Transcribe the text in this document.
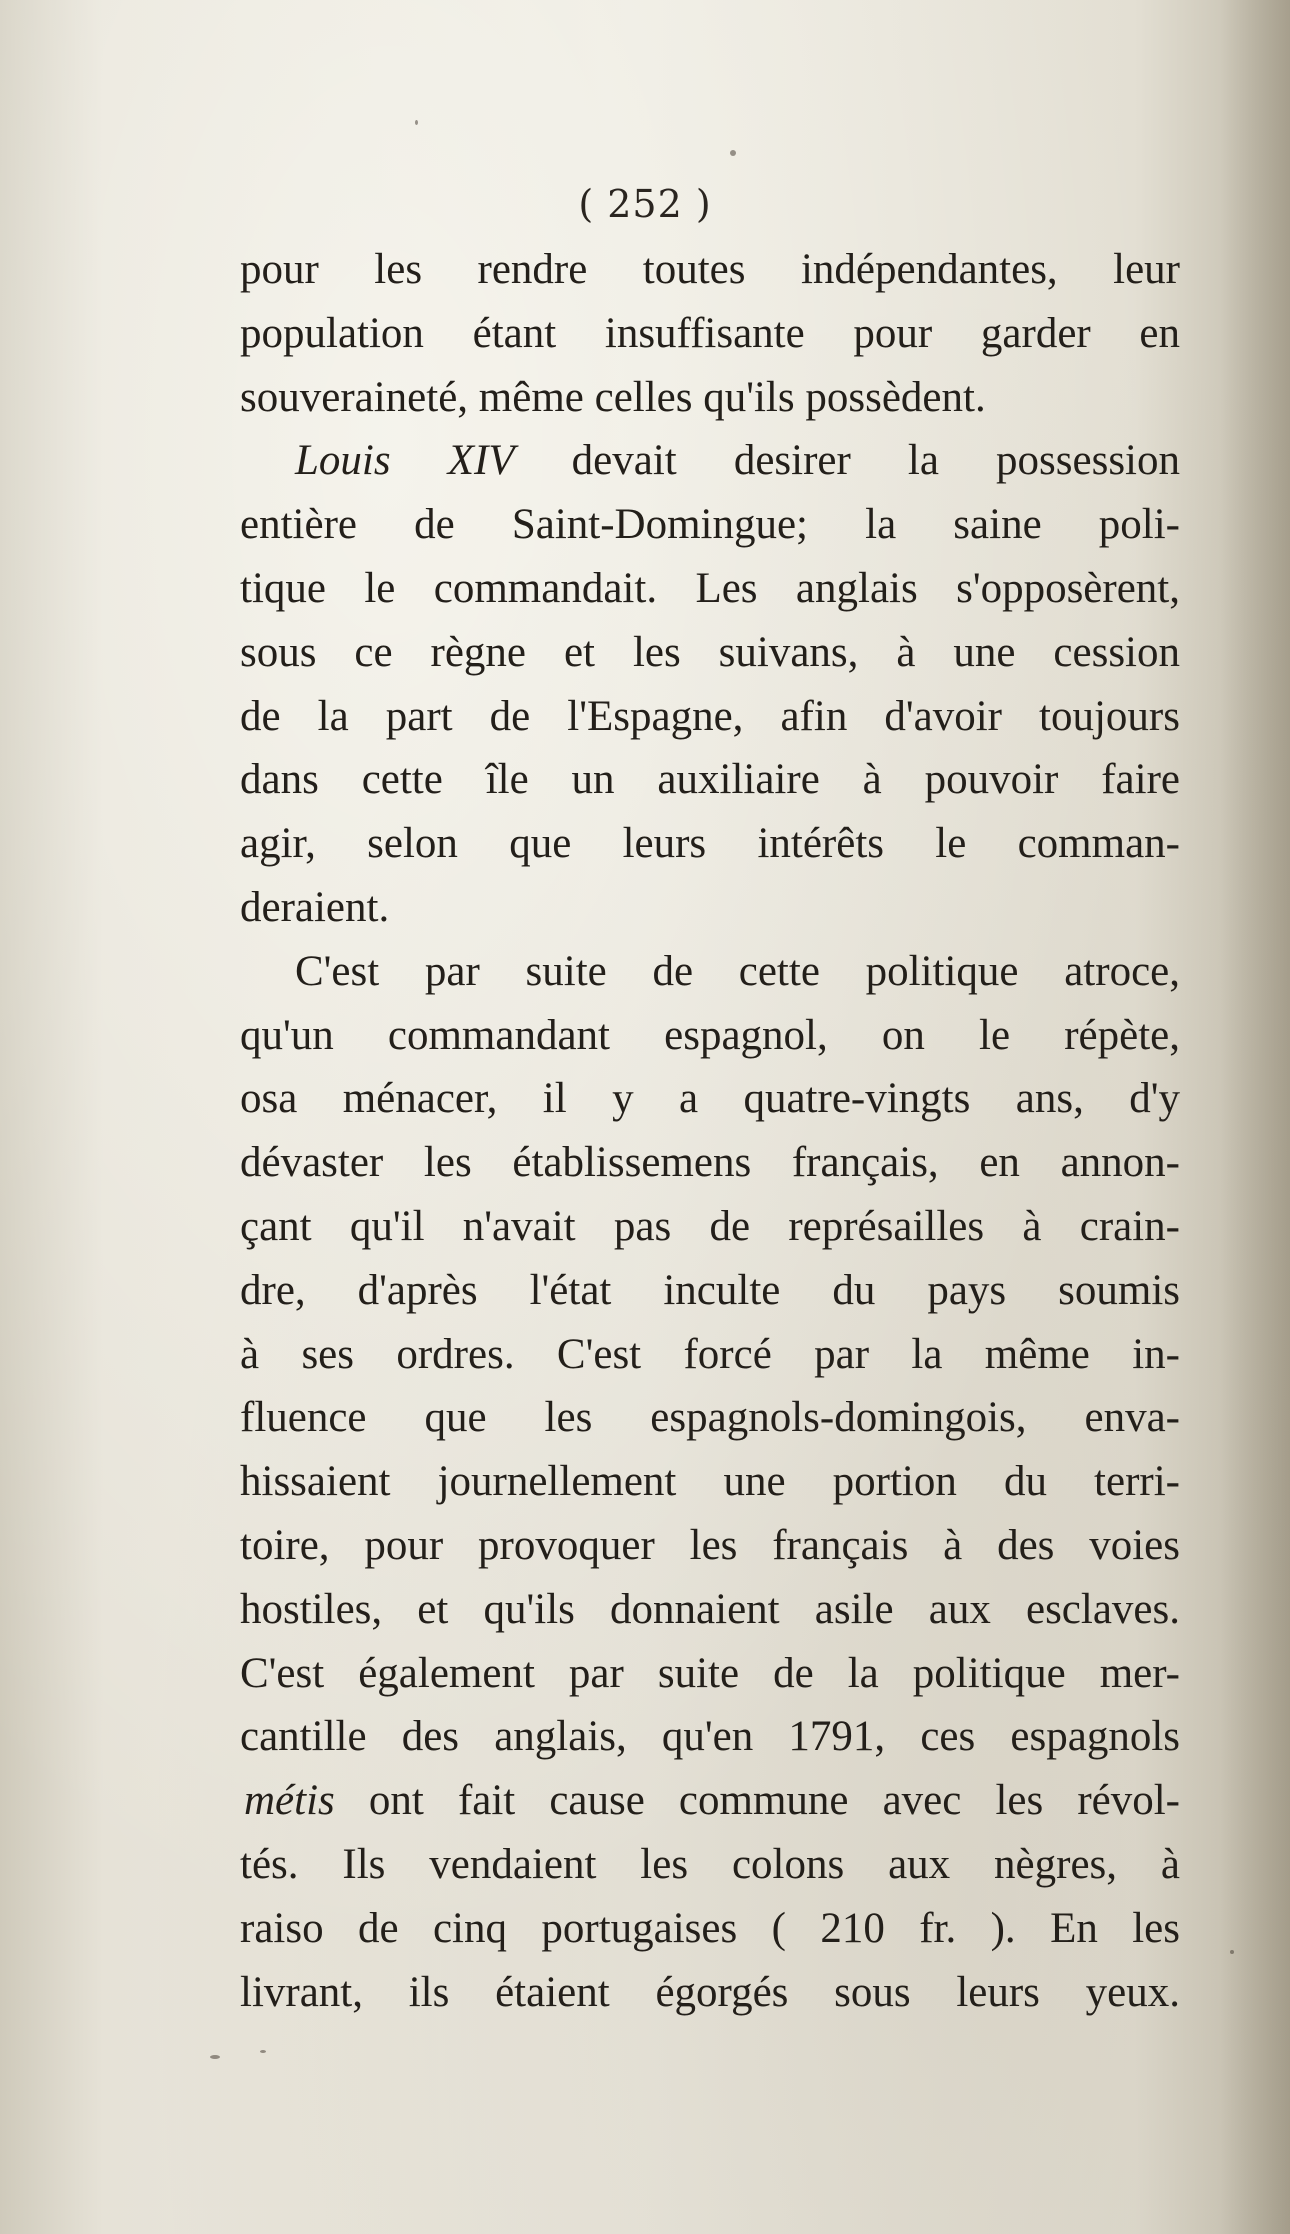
( 252 )
pour les rendre toutes indépendantes, leur
population étant insuffisante pour garder en
souveraineté, même celles qu'ils possèdent.
Louis XIV devait desirer la possession
entière de Saint-Domingue; la saine poli-
tique le commandait. Les anglais s'opposèrent,
sous ce règne et les suivans, à une cession
de la part de l'Espagne, afin d'avoir toujours
dans cette île un auxiliaire à pouvoir faire
agir, selon que leurs intérêts le comman-
deraient.
C'est par suite de cette politique atroce,
qu'un commandant espagnol, on le répète,
osa ménacer, il y a quatre-vingts ans, d'y
dévaster les établissemens français, en annon-
çant qu'il n'avait pas de représailles à crain-
dre, d'après l'état inculte du pays soumis
à ses ordres. C'est forcé par la même in-
fluence que les espagnols-domingois, enva-
hissaient journellement une portion du terri-
toire, pour provoquer les français à des voies
hostiles, et qu'ils donnaient asile aux esclaves.
C'est également par suite de la politique mer-
cantille des anglais, qu'en 1791, ces espagnols
métis ont fait cause commune avec les révol-
tés. Ils vendaient les colons aux nègres, à
raiso de cinq portugaises ( 210 fr. ). En les
livrant, ils étaient égorgés sous leurs yeux.
